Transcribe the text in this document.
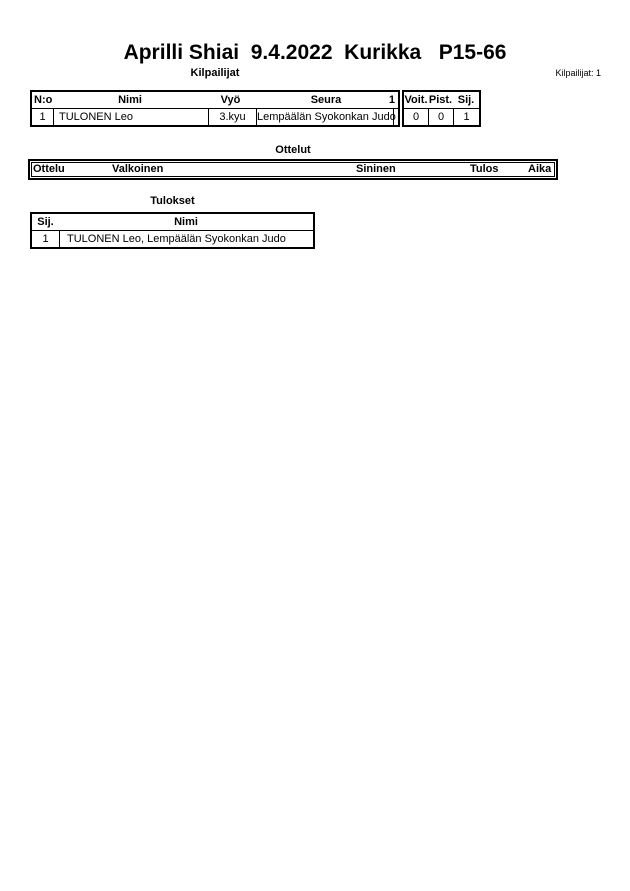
Aprilli Shiai  9.4.2022  Kurikka   P15-66
Kilpailijat	Kilpailijat: 1
N:o	Nimi	Vyö	Seura	1
1	TULONEN Leo	3.kyu	Lempäälän Syokonkan Judo
Voit. Pist. Sij.
0	0	1
Ottelut
Ottelu	Valkoinen	Sininen	Tulos	Aika
Tulokset
Sij.	Nimi
1	TULONEN Leo, Lempäälän Syokonkan Judo
